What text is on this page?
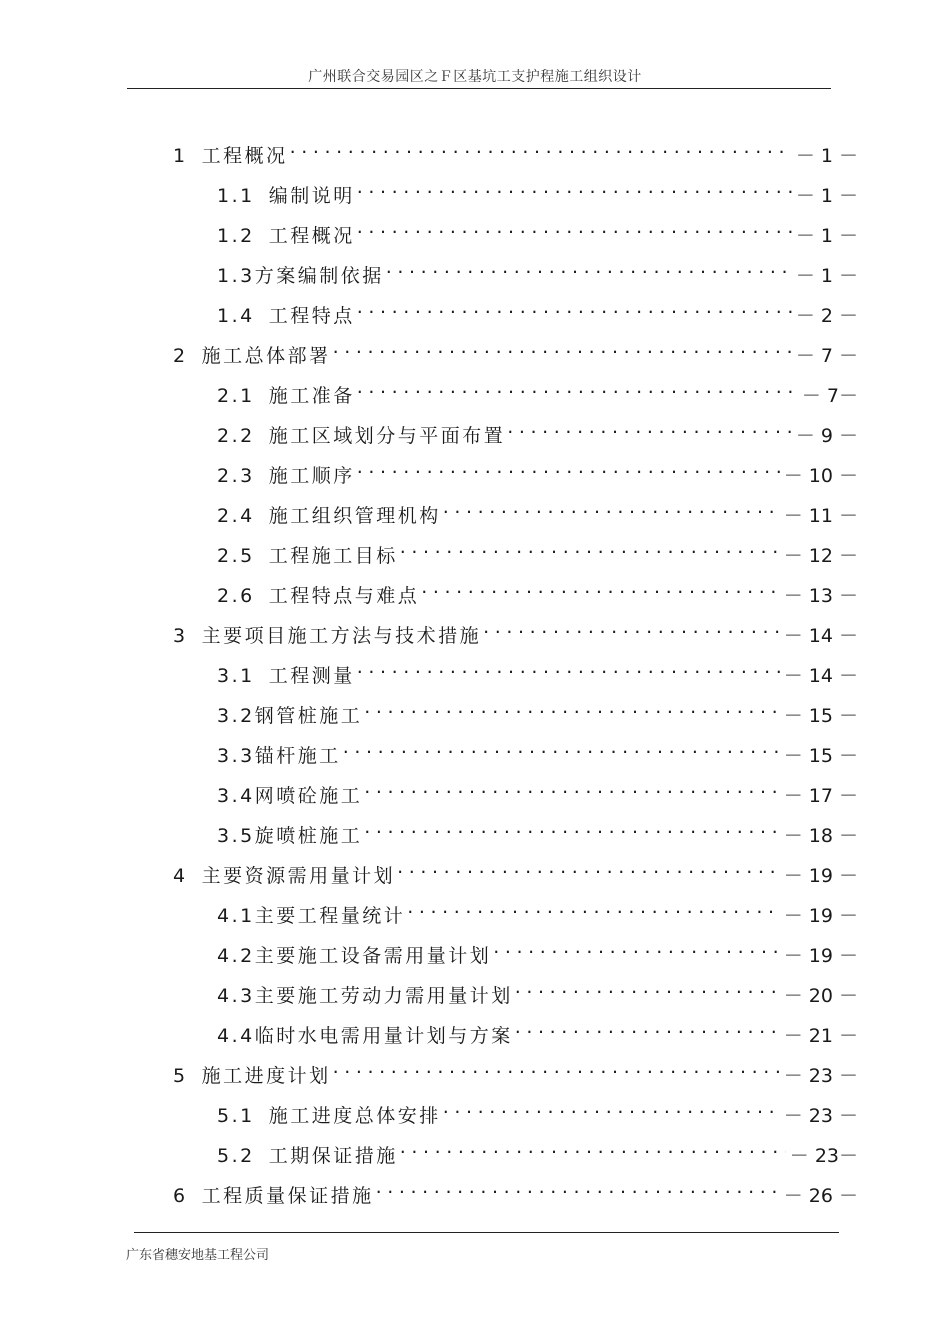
广州联合交易园区之Ｆ区基坑工支护程施工组织设计
1 工程概况 .....	－ 1 －
1.1 编制说明 .....	－ 1 －
1.2 工程概况 .....	－ 1 －
1.3 方案编制依据 .....	－ 1 －
1.4 工程特点 .....	－ 2 －
2 施工总体部署 .....	－ 7 －
2.1 施工准备 .....	－ 7－
2.2 施工区域划分与平面布置 .....	－ 9 －
2.3 施工顺序 .....	－ 10 －
2.4 施工组织管理机构 .....	－ 11 －
2.5 工程施工目标 .....	－ 12 －
2.6 工程特点与难点 .....	－ 13 －
3 主要项目施工方法与技术措施 .....	－ 14 －
3.1 工程测量 .....	－ 14 －
3.2 钢管桩施工 .....	－ 15 －
3.3 锚杆施工 .....	－ 15 －
3.4 网喷砼施工 .....	－ 17 －
3.5 旋喷桩施工 .....	－ 18 －
4 主要资源需用量计划 .....	－ 19 －
4.1 主要工程量统计 .....	－ 19 －
4.2 主要施工设备需用量计划 .....	－ 19 －
4.3 主要施工劳动力需用量计划 .....	－ 20 －
4.4 临时水电需用量计划与方案 .....	－ 21 －
5 施工进度计划 .....	－ 23 －
5.1 施工进度总体安排 .....	－ 23 －
5.2 工期保证措施 .....	－ 23－
6 工程质量保证措施 .....	－ 26 －
广东省穗安地基工程公司
